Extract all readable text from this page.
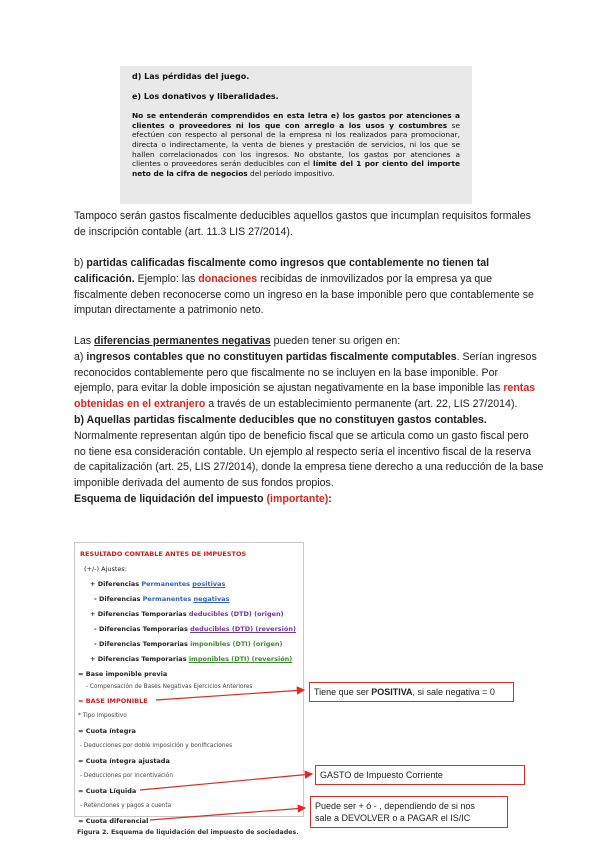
d) Las pérdidas del juego.
e) Los donativos y liberalidades.
No se entenderán comprendidos en esta letra e) los gastos por atenciones a clientes o proveedores ni los que con arreglo a los usos y costumbres se efectúen con respecto al personal de la empresa ni los realizados para promocionar, directa o indirectamente, la venta de bienes y prestación de servicios, ni los que se hallen correlacionados con los ingresos. No obstante, los gastos por atenciones a clientes o proveedores serán deducibles con el límite del 1 por ciento del importe neto de la cifra de negocios del período impositivo.
Tampoco serán gastos fiscalmente deducibles aquellos gastos que incumplan requisitos formales
de inscripción contable (art. 11.3 LIS 27/2014).
b) partidas calificadas fiscalmente como ingresos que contablemente no tienen tal
calificación. Ejemplo: las donaciones recibidas de inmovilizados por la empresa ya que
fiscalmente deben reconocerse como un ingreso en la base imponible pero que contablemente se
imputan directamente a patrimonio neto.
Las diferencias permanentes negativas pueden tener su origen en:
a) ingresos contables que no constituyen partidas fiscalmente computables. Serían ingresos
reconocidos contablemente pero que fiscalmente no se incluyen en la base imponible. Por
ejemplo, para evitar la doble imposición se ajustan negativamente en la base imponible las rentas
obtenidas en el extranjero a través de un establecimiento permanente (art. 22, LIS 27/2014).
b) Aquellas partidas fiscalmente deducibles que no constituyen gastos contables.
Normalmente representan algún tipo de beneficio fiscal que se articula como un gasto fiscal pero
no tiene esa consideración contable. Un ejemplo al respecto sería el incentivo fiscal de la reserva
de capitalización (art. 25, LIS 27/2014), donde la empresa tiene derecho a una reducción de la base
imponible derivada del aumento de sus fondos propios.
Esquema de liquidación del impuesto (importante):
RESULTADO CONTABLE ANTES DE IMPUESTOS
(+/-) Ajustes:
+ Diferencias Permanentes positivas
- Diferencias Permanentes negativas
+ Diferencias Temporarias deducibles (DTD) (origen)
- Diferencias Temporarias deducibles (DTD) (reversión)
- Diferencias Temporarias imponibles (DTI) (origen)
+ Diferencias Temporarias imponibles (DTI) (reversión)
= Base imponible previa
- Compensación de Bases Negativas Ejercicios Anteriores
= BASE IMPONIBLE
* Tipo impositivo
= Cuota íntegra
- Deducciones por doble imposición y bonificaciones
= Cuota íntegra ajustada
- Deducciones por incentivación
= Cuota Líquida
- Retenciones y pagos a cuenta
= Cuota diferencial
Figura 2. Esquema de liquidación del impuesto de sociedades.
Tiene que ser POSITIVA, si sale negativa = 0
GASTO de Impuesto Corriente
Puede ser + ó - , dependiendo de si nos
sale a DEVOLVER o a PAGAR el IS/IC
